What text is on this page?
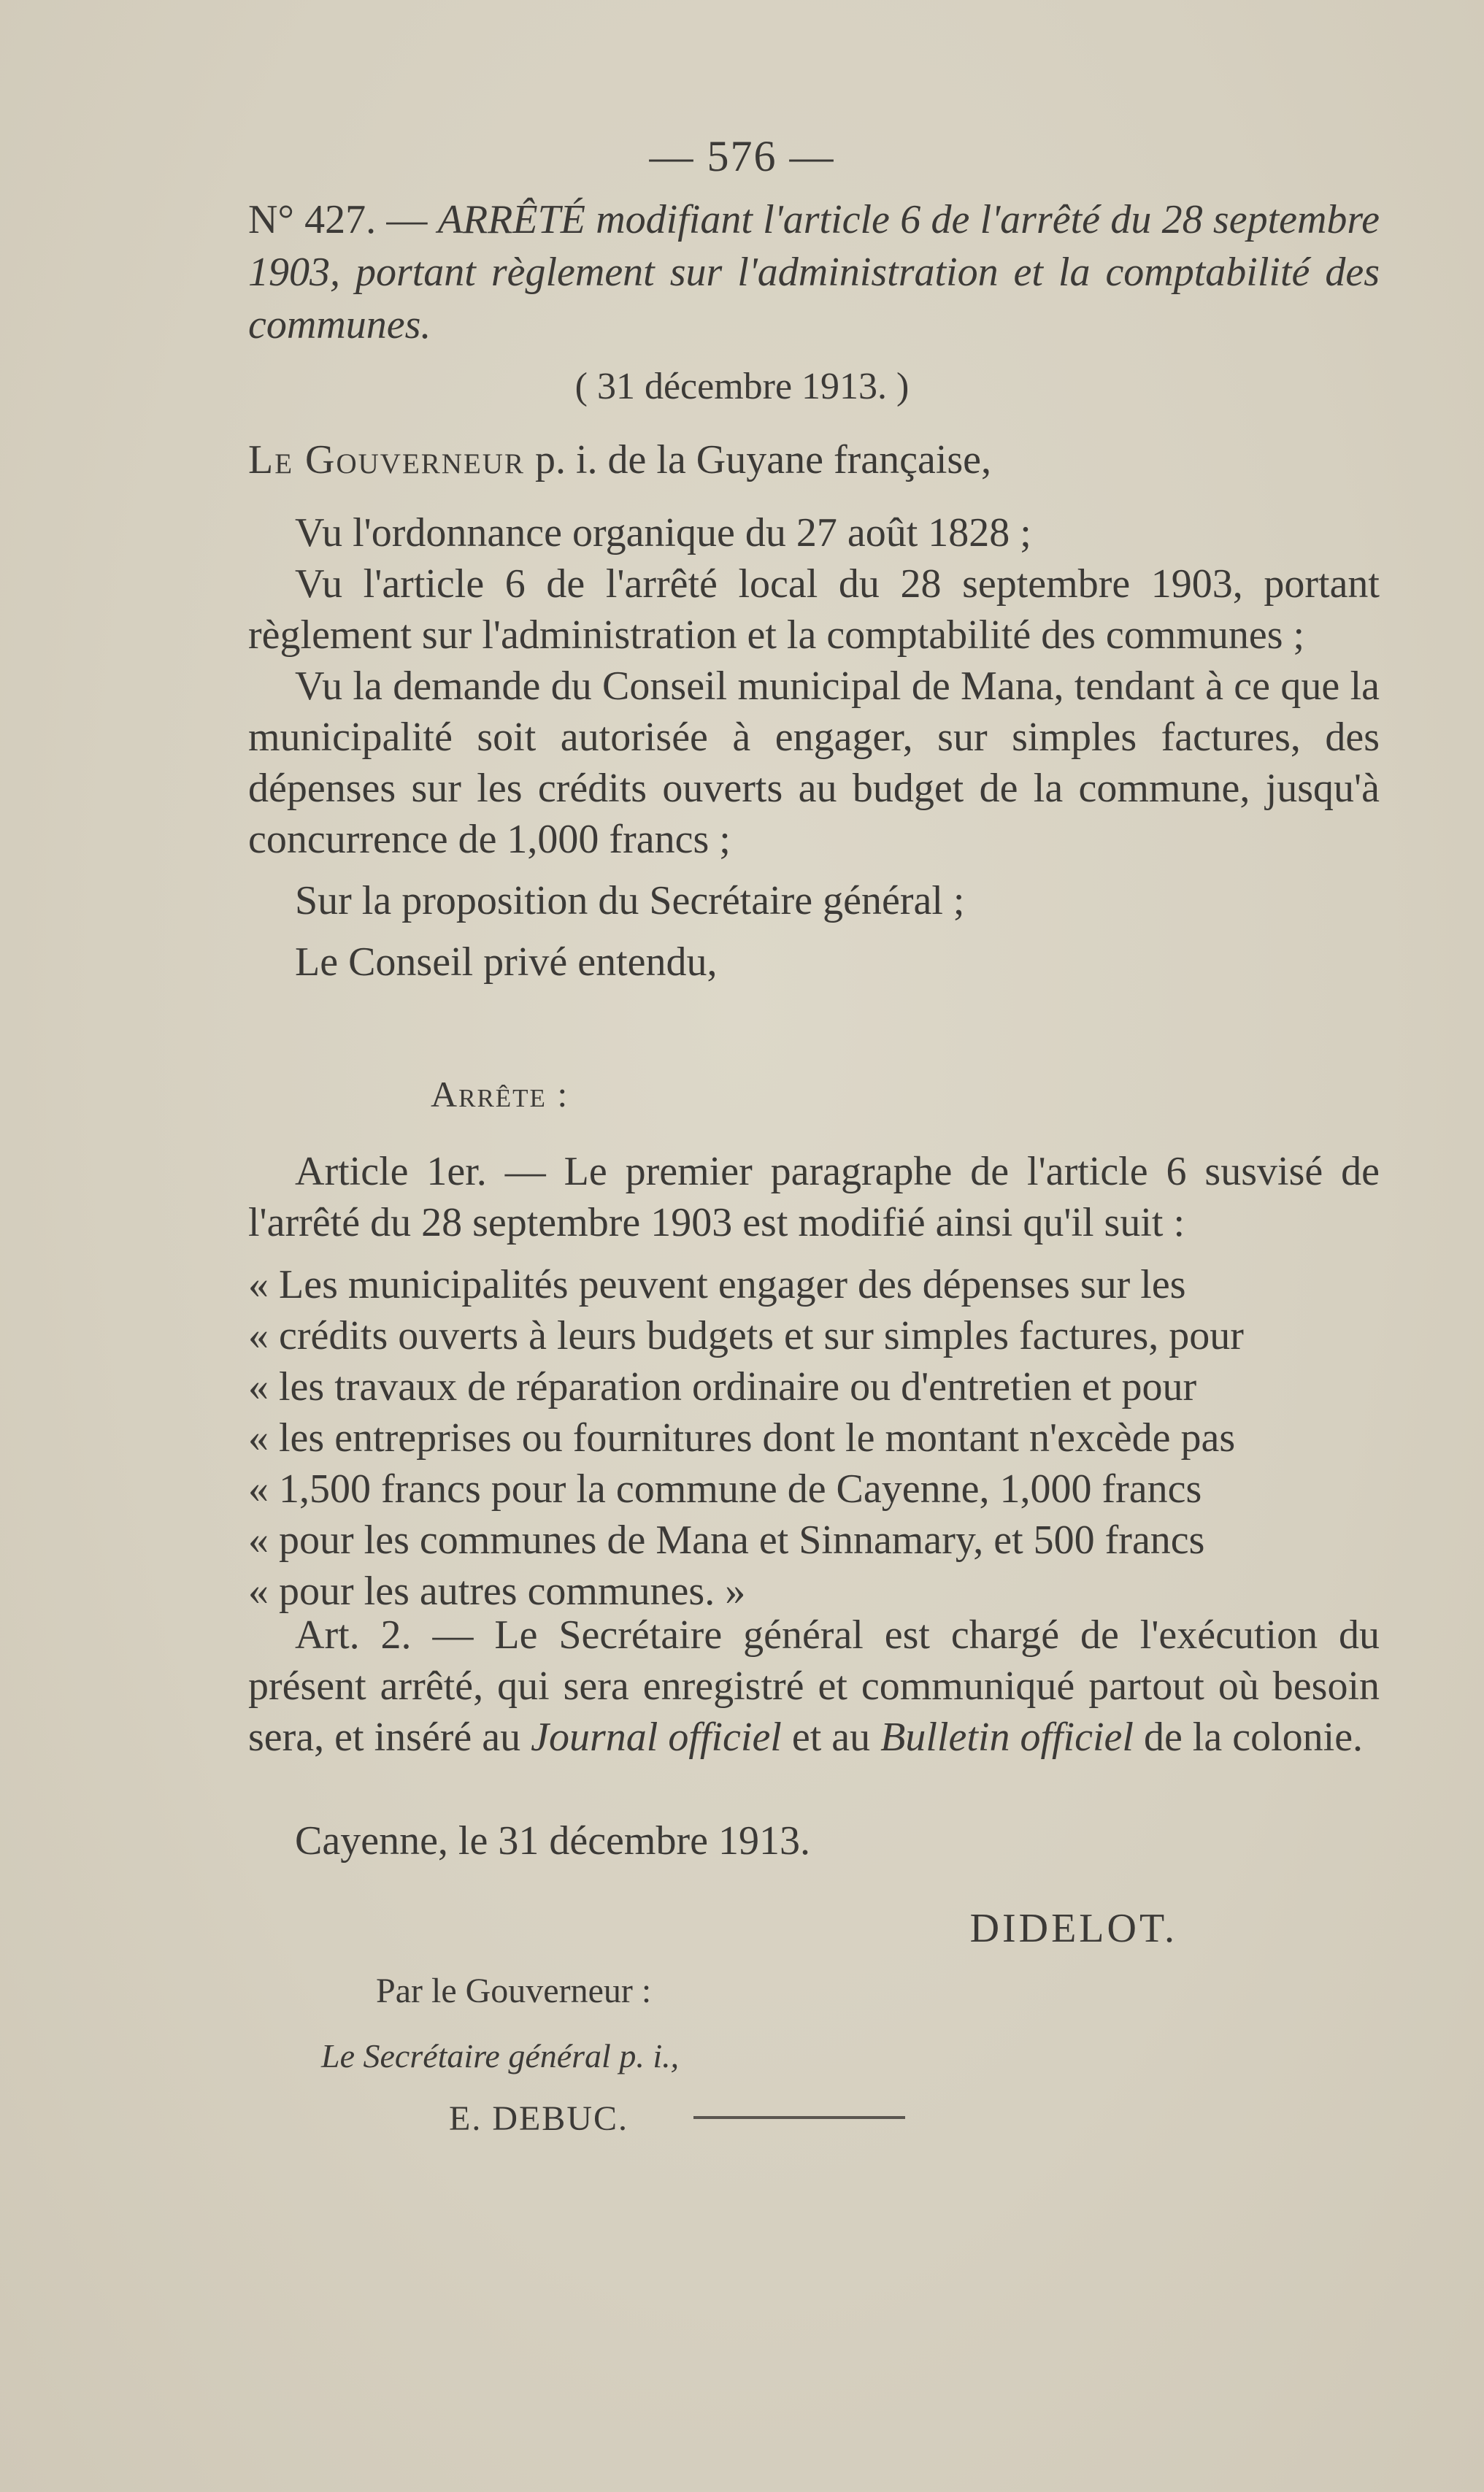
— 576 —
N° 427. — ARRÊTÉ modifiant l'article 6 de l'arrêté du 28 septembre 1903, portant règlement sur l'administration et la comptabilité des communes.
( 31 décembre 1913. )
Le Gouverneur p. i. de la Guyane française,

Vu l'ordonnance organique du 27 août 1828 ;

Vu l'article 6 de l'arrêté local du 28 septembre 1903, portant règlement sur l'administration et la comptabilité des communes ;

Vu la demande du Conseil municipal de Mana, tendant à ce que la municipalité soit autorisée à engager, sur simples factures, des dépenses sur les crédits ouverts au budget de la commune, jusqu'à concurrence de 1,000 francs ;

Sur la proposition du Secrétaire général ;

Le Conseil privé entendu,

Arrête :

Article 1er. — Le premier paragraphe de l'article 6 susvisé de l'arrêté du 28 septembre 1903 est modifié ainsi qu'il suit :

« Les municipalités peuvent engager des dépenses sur les
« crédits ouverts à leurs budgets et sur simples factures, pour
« les travaux de réparation ordinaire ou d'entretien et pour
« les entreprises ou fournitures dont le montant n'excède pas
« 1,500 francs pour la commune de Cayenne, 1,000 francs
« pour les communes de Mana et Sinnamary, et 500 francs
« pour les autres communes. »

Art. 2. — Le Secrétaire général est chargé de l'exécution du présent arrêté, qui sera enregistré et communiqué partout où besoin sera, et inséré au Journal officiel et au Bulletin officiel de la colonie.

Cayenne, le 31 décembre 1913.
DIDELOT.
Par le Gouverneur :
Le Secrétaire général p. i.,
E. DEBUC.
